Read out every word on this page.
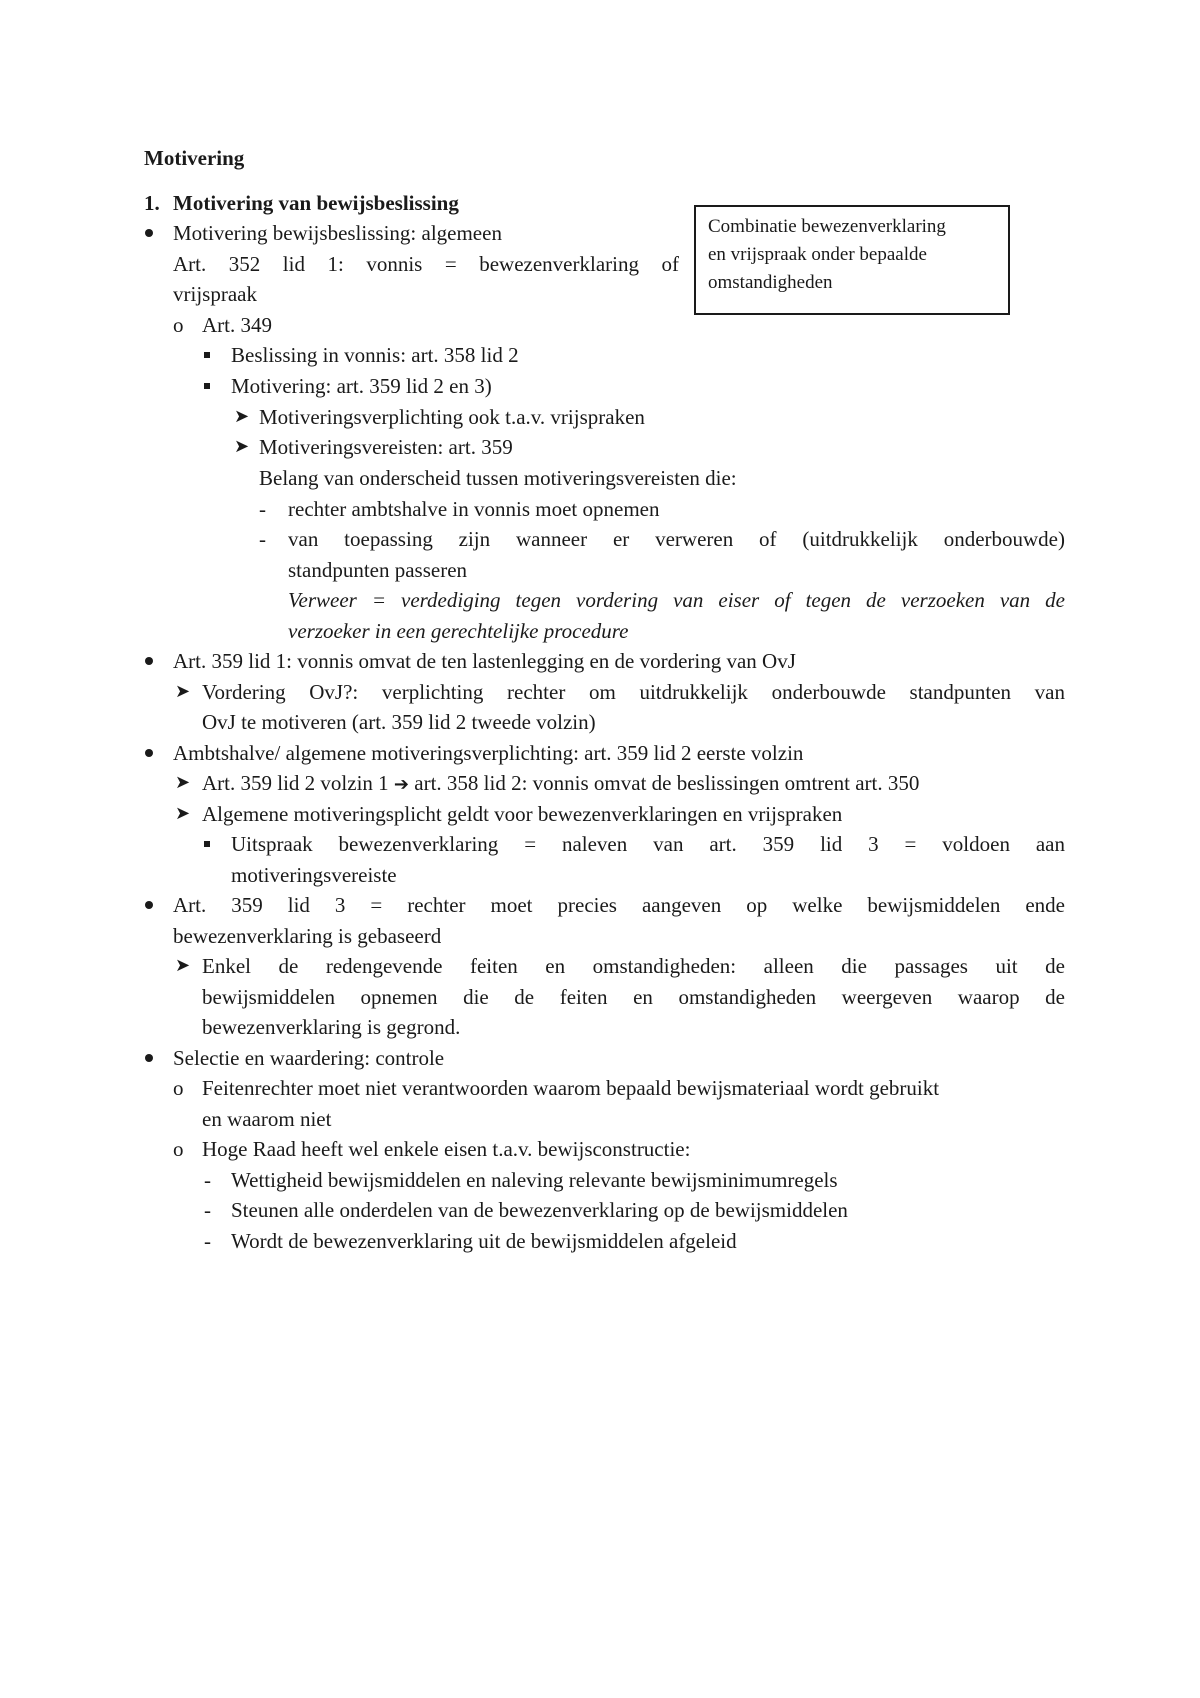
Motivering
1. Motivering van bewijsbeslissing
Combinatie bewezenverklaring
en vrijspraak onder bepaalde
omstandigheden
Motivering bewijsbeslissing: algemeen
Art. 352 lid 1: vonnis = bewezenverklaring of
vrijspraak
o Art. 349
Beslissing in vonnis: art. 358 lid 2
Motivering: art. 359 lid 2 en 3)
➤ Motiveringsverplichting ook t.a.v. vrijspraken
➤ Motiveringsvereisten: art. 359
Belang van onderscheid tussen motiveringsvereisten die:
- rechter ambtshalve in vonnis moet opnemen
- van toepassing zijn wanneer er verweren of (uitdrukkelijk onderbouwde)
standpunten passeren
Verweer = verdediging tegen vordering van eiser of tegen de verzoeken van de
verzoeker in een gerechtelijke procedure
Art. 359 lid 1: vonnis omvat de ten lastenlegging en de vordering van OvJ
➤ Vordering OvJ?: verplichting rechter om uitdrukkelijk onderbouwde standpunten van
OvJ te motiveren (art. 359 lid 2 tweede volzin)
Ambtshalve/ algemene motiveringsverplichting: art. 359 lid 2 eerste volzin
➤ Art. 359 lid 2 volzin 1 ➔ art. 358 lid 2: vonnis omvat de beslissingen omtrent art. 350
➤ Algemene motiveringsplicht geldt voor bewezenverklaringen en vrijspraken
Uitspraak bewezenverklaring = naleven van art. 359 lid 3 = voldoen aan
motiveringsvereiste
Art. 359 lid 3 = rechter moet precies aangeven op welke bewijsmiddelen ende
bewezenverklaring is gebaseerd
➤ Enkel de redengevende feiten en omstandigheden: alleen die passages uit de
bewijsmiddelen opnemen die de feiten en omstandigheden weergeven waarop de
bewezenverklaring is gegrond.
Selectie en waardering: controle
o Feitenrechter moet niet verantwoorden waarom bepaald bewijsmateriaal wordt gebruikt
en waarom niet
o Hoge Raad heeft wel enkele eisen t.a.v. bewijsconstructie:
- Wettigheid bewijsmiddelen en naleving relevante bewijsminimumregels
- Steunen alle onderdelen van de bewezenverklaring op de bewijsmiddelen
- Wordt de bewezenverklaring uit de bewijsmiddelen afgeleid
